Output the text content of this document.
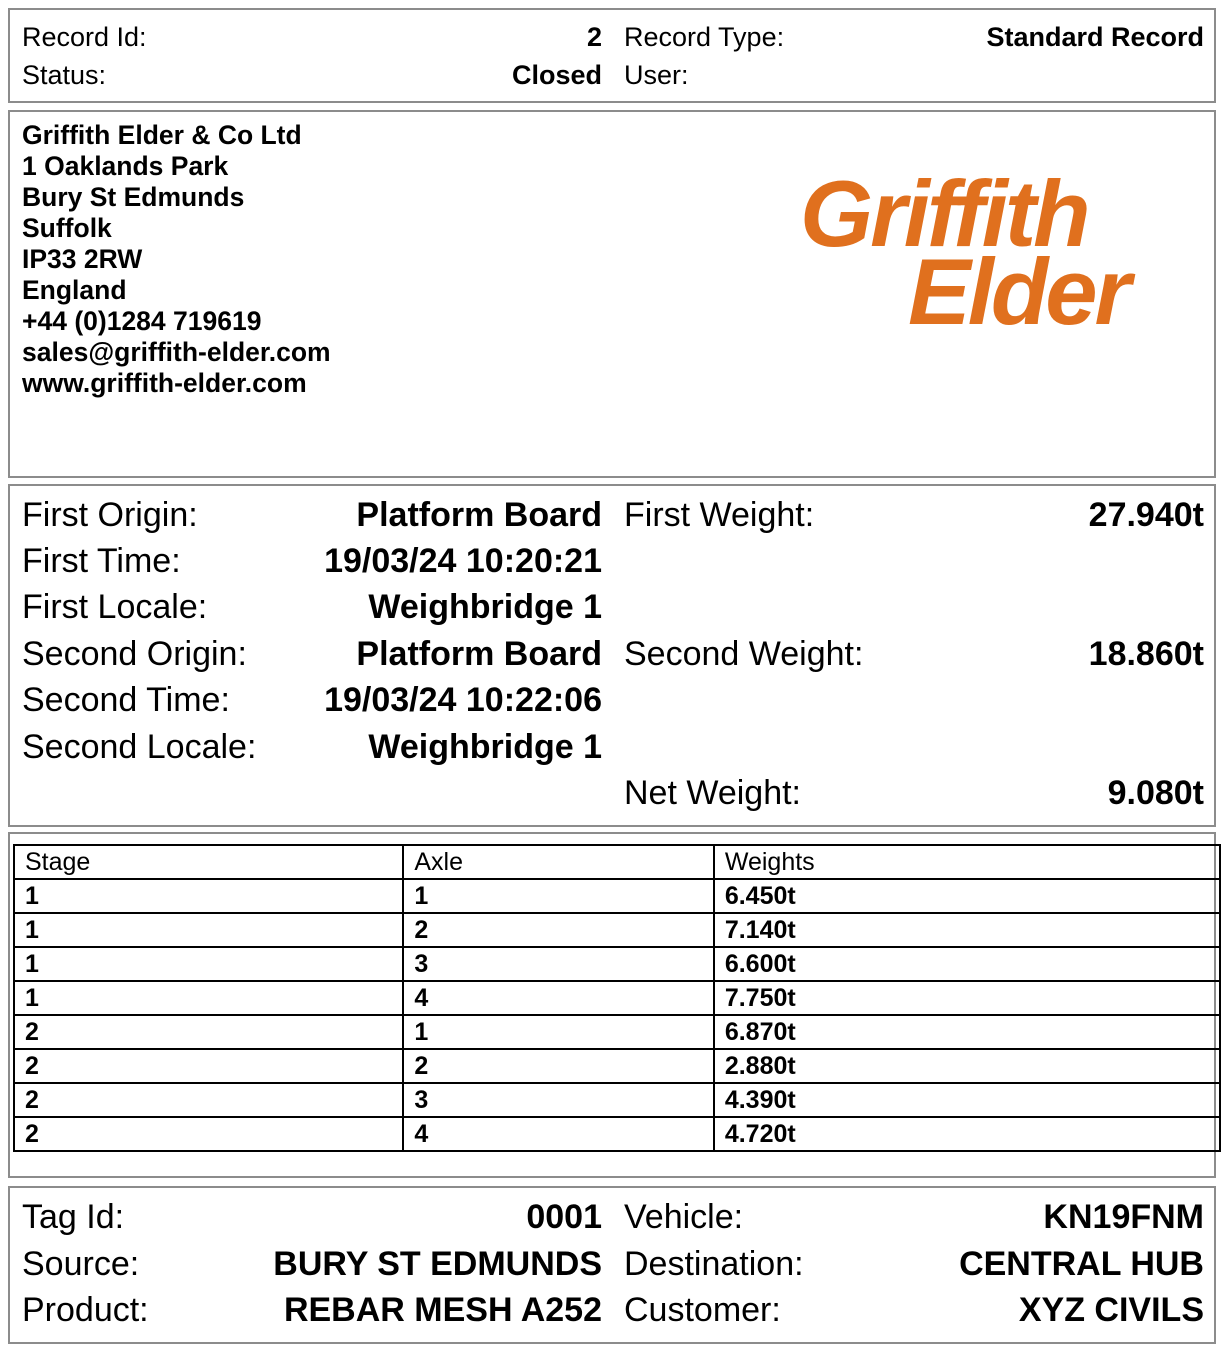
Record Id:	2 Record Type:	Standard Record
Status:	Closed User:
Griffith Elder & Co Ltd
1 Oaklands Park
Bury St Edmunds
Suffolk
IP33 2RW
England
+44 (0)1284 719619
sales@griffith-elder.com
www.griffith-elder.com
Griffith
Elder
First Origin:	Platform Board First Weight:	27.940t
First Time:	19/03/24 10:20:21
First Locale:	Weighbridge 1
Second Origin:	Platform Board Second Weight:	18.860t
Second Time:	19/03/24 10:22:06
Second Locale:	Weighbridge 1
Net Weight:	9.080t
Stage	Axle	Weights
1	1	6.450t
1	2	7.140t
1	3	6.600t
1	4	7.750t
2	1	6.870t
2	2	2.880t
2	3	4.390t
2	4	4.720t
Tag Id:	0001 Vehicle:	KN19FNM
Source:	BURY ST EDMUNDS Destination:	CENTRAL HUB
Product:	REBAR MESH A252 Customer:	XYZ CIVILS
